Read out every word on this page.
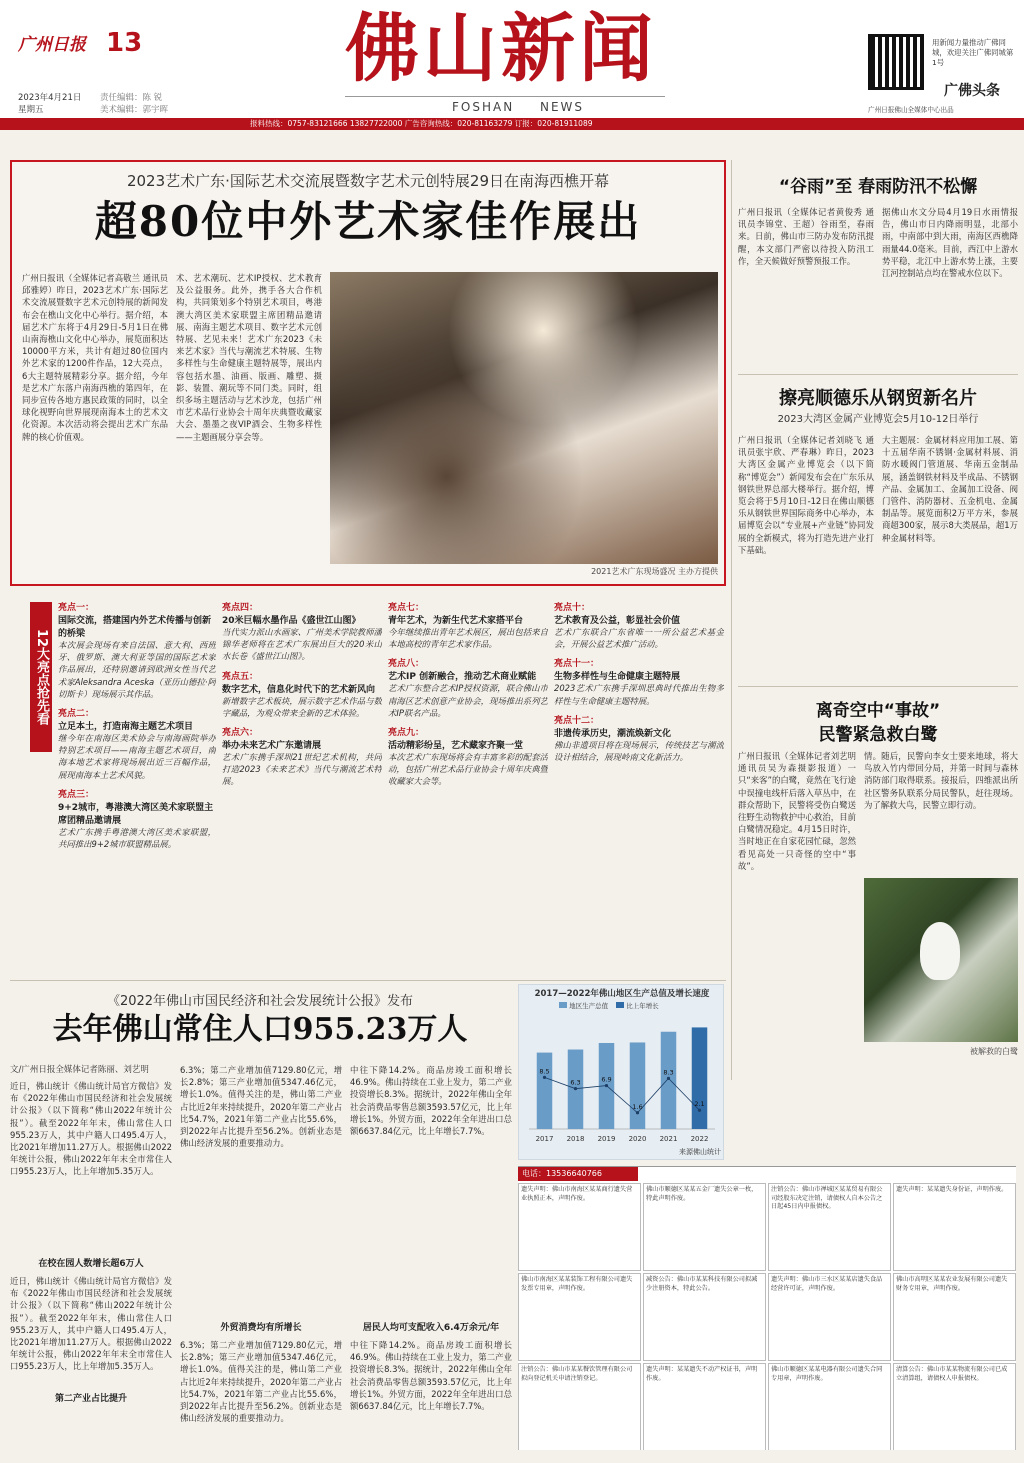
广州日报 13
2023年4月21日
星期五
责任编辑：陈 锐
美术编辑：郭宇晖
佛山新闻
FOSHAN NEWS
用新闻力量推动广佛同城，欢迎关注广佛同城第1号
广佛头条
广州日报佛山全媒体中心出品
报料热线：0757-83121666 13827722000 广告咨询热线：020-81163279 订报：020-81911089
2023艺术广东·国际艺术交流展暨数字艺术元创特展29日在南海西樵开幕
超80位中外艺术家佳作展出
广州日报讯（全媒体记者高敬兰 通讯员邱雅婷）昨日，2023艺术广东·国际艺术交流展暨数字艺术元创特展的新闻发布会在樵山文化中心举行。据介绍，本届艺术广东将于4月29日-5月1日在佛山南海樵山文化中心举办，展览面积达10000平方米，共计有超过80位国内外艺术家的1200件作品，12大亮点，6大主题特展精彩分享。据介绍，今年是艺术广东落户南海西樵的第四年，在同步宣传各地方惠民政策的同时，以全球化视野向世界展现南海本土的艺术文化资源。本次活动将会提出艺术广东品牌的核心价值观。
术、艺术潮玩、艺术IP授权、艺术教育及公益服务。此外，携手各大合作机构，共同策划多个特别艺术项目，粤港澳大湾区美术家联盟主席团精品邀请展、南海主题艺术项目、数字艺术元创特展、艺见未来！艺术广东2023《未来艺术家》当代与潮流艺术特展、生物多样性与生命健康主题特展等，展出内容包括水墨、油画、版画、雕塑、摄影、装置、潮玩等不同门类。同时，组织多场主题活动与艺术沙龙，包括广州市艺术品行业协会十周年庆典暨收藏家大会、墨墨之夜VIP酒会、生物多样性——主题画展分享会等。
2021艺术广东现场盛况 主办方提供
12大亮点抢先看
亮点一：
国际交流，搭建国内外艺术传播与创新的桥梁
本次展会现场有来自法国、意大利、西班牙、俄罗斯、澳大利亚等国的国际艺术家作品展出，还特别邀请到欧洲女性当代艺术家Aleksandra Aceska（亚历山德拉·阿切斯卡）现场展示其作品。
亮点二：
立足本土，打造南海主题艺术项目
继今年在南海区美术协会与南海画院举办特别艺术项目——南海主题艺术项目，南海本地艺术家将现场展出近三百幅作品，展现南海本土艺术风貌。
亮点三：
9+2城市，粤港澳大湾区美术家联盟主席团精品邀请展
艺术广东携手粤港澳大湾区美术家联盟，共同推出9+2城市联盟精品展。
亮点四：
20米巨幅水墨作品《盛世江山图》
当代实力派山水画家、广州美术学院教师潘锦华老师将在艺术广东展出巨大的20米山水长卷《盛世江山图》。
亮点五：
数字艺术，信息化时代下的艺术新风向
新增数字艺术板块，展示数字艺术作品与数字藏品，为观众带来全新的艺术体验。
亮点六：
举办未来艺术广东邀请展
艺术广东携手深圳21世纪艺术机构，共同打造2023《未来艺术》当代与潮流艺术特展。
亮点七：
青年艺术，为新生代艺术家搭平台
今年继续推出青年艺术展区，展出包括来自本地高校的青年艺术家作品。
亮点八：
艺术IP 创新融合，推动艺术商业赋能
艺术广东整合艺术IP授权资源，联合佛山市南海区艺术创意产业协会，现场推出系列艺术IP联名产品。
亮点九：
活动精彩纷呈，艺术藏家齐聚一堂
本次艺术广东现场将会有丰富多彩的配套活动，包括广州艺术品行业协会十周年庆典暨收藏家大会等。
亮点十：
艺术教育及公益，彰显社会价值
艺术广东联合广东省唯一一所公益艺术基金会，开展公益艺术推广活动。
亮点十一：
生物多样性与生命健康主题特展
2023艺术广东携手深圳思典时代推出生物多样性与生命健康主题特展。
亮点十二：
非遗传承历史，潮流焕新文化
佛山非遗项目将在现场展示，传统技艺与潮流设计相结合，展现岭南文化新活力。
“谷雨”至 春雨防汛不松懈
广州日报讯（全媒体记者黄俊秀 通讯员李锦堂、王超）谷雨至，春雨来。日前，佛山市三防办发布防汛提醒，本文部门严密以待投入防汛工作，全天候做好预警预报工作。
据佛山水文分局4月19日水雨情报告，佛山市日内降雨明显，北部小雨，中南部中到大雨，南海区西樵降雨量44.0毫米。目前，西江中上游水势平稳，北江中上游水势上涨，主要江河控制站点均在警戒水位以下。
擦亮顺德乐从钢贸新名片
2023大湾区金属产业博览会5月10-12日举行
广州日报讯（全媒体记者刘晓飞 通讯员张宇欣、严春琳）昨日，2023大湾区金属产业博览会（以下简称“博览会”）新闻发布会在广东乐从钢铁世界总部大楼举行。据介绍，博览会将于5月10日-12日在佛山顺德乐从钢铁世界国际商务中心举办，本届博览会以“专业展+产业链”协同发展的全新模式，将为打造先进产业打下基础。
大主题展：金属材料应用加工展、第十五届华南不锈钢·金属材料展、消防水暖阀门管道展、华南五金制品展，涵盖钢铁材料及半成品、不锈钢产品、金属加工、金属加工设备、阀门管件、消防器材、五金机电、金属制品等。展览面积2万平方米，参展商超300家，展示8大类展品，超1万种金属材料等。
离奇空中“事故”
民警紧急救白鹭
广州日报讯（全媒体记者刘艺明 通讯员吴为森摄影报道）一只“来客”的白鹭，竟然在飞行途中误撞电线杆后落入草丛中，在群众帮助下，民警将受伤白鹭送往野生动物救护中心救治，目前白鹭情况稳定。4月15日时许，当时地正在自家花园忙碌，忽然看见高处一只奇怪的空中“事故”。
情。随后，民警向李女士要来地球，将大鸟放入竹内带回分局，并第一时间与森林消防部门取得联系。接报后，四维派出所社区警务队联系分局民警队，赶往现场。为了解救大鸟，民警立即行动。
被解救的白鹭
《2022年佛山市国民经济和社会发展统计公报》发布
去年佛山常住人口955.23万人
文/广州日报全媒体记者陈丽、刘艺明
近日，佛山统计《佛山统计局官方微信》发布《2022年佛山市国民经济和社会发展统计公报》（以下简称“佛山2022年统计公报”）。截至2022年年末，佛山常住人口955.23万人，其中户籍人口495.4万人，比2021年增加11.27万人。根据佛山2022年统计公报，佛山2022年年末全市常住人口955.23万人，比上年增加5.35万人。
在校在园人数增长超6万人
近日，佛山统计《佛山统计局官方微信》发布《2022年佛山市国民经济和社会发展统计公报》（以下简称“佛山2022年统计公报”）。截至2022年年末，佛山常住人口955.23万人，其中户籍人口495.4万人，比2021年增加11.27万人。根据佛山2022年统计公报，佛山2022年年末全市常住人口955.23万人，比上年增加5.35万人。
第二产业占比提升
6.3%；第二产业增加值7129.80亿元，增长2.8%；第三产业增加值5347.46亿元，增长1.0%。值得关注的是，佛山第二产业占比近2年来持续提升，2020年第二产业占比54.7%，2021年第二产业占比55.6%，到2022年占比提升至56.2%。创新业态是佛山经济发展的重要推动力。
外贸消费均有所增长
6.3%；第二产业增加值7129.80亿元，增长2.8%；第三产业增加值5347.46亿元，增长1.0%。值得关注的是，佛山第二产业占比近2年来持续提升，2020年第二产业占比54.7%，2021年第二产业占比55.6%，到2022年占比提升至56.2%。创新业态是佛山经济发展的重要推动力。
中往下降14.2%。商品房竣工面积增长46.9%。佛山持续在工业上发力，第二产业投资增长8.3%。据统计，2022年佛山全年社会消费品零售总额3593.57亿元，比上年增长1%。外贸方面，2022年全年进出口总额6637.84亿元，比上年增长7.7%。
居民人均可支配收入6.4万余元/年
中往下降14.2%。商品房竣工面积增长46.9%。佛山持续在工业上发力，第二产业投资增长8.3%。据统计，2022年佛山全年社会消费品零售总额3593.57亿元，比上年增长1%。外贸方面，2022年全年进出口总额6637.84亿元，比上年增长7.7%。
2017—2022年佛山地区生产总值及增长速度
地区生产总值	比上年增长
2017 2018 2019 2020 2021 2022
8.5
6.3	6.9
1.6
8.3
2.1
来源佛山统计
电话：13536640766
遗失声明：佛山市南海区某某商行遗失营业执照正本，声明作废。
佛山市顺德区某某五金厂遗失公章一枚，特此声明作废。
注销公告：佛山市禅城区某某贸易有限公司经股东决定注销，请债权人自本公告之日起45日内申报债权。
遗失声明：某某遗失身份证，声明作废。
佛山市南海区某某装饰工程有限公司遗失发票专用章，声明作废。
减资公告：佛山市某某科技有限公司拟减少注册资本，特此公告。
遗失声明：佛山市三水区某某店遗失食品经营许可证，声明作废。
佛山市高明区某某农业发展有限公司遗失财务专用章，声明作废。
注销公告：佛山市某某餐饮管理有限公司拟向登记机关申请注销登记。
遗失声明：某某遗失不动产权证书，声明作废。
佛山市顺德区某某电器有限公司遗失合同专用章，声明作废。
清算公告：佛山市某某物流有限公司已成立清算组，请债权人申报债权。
